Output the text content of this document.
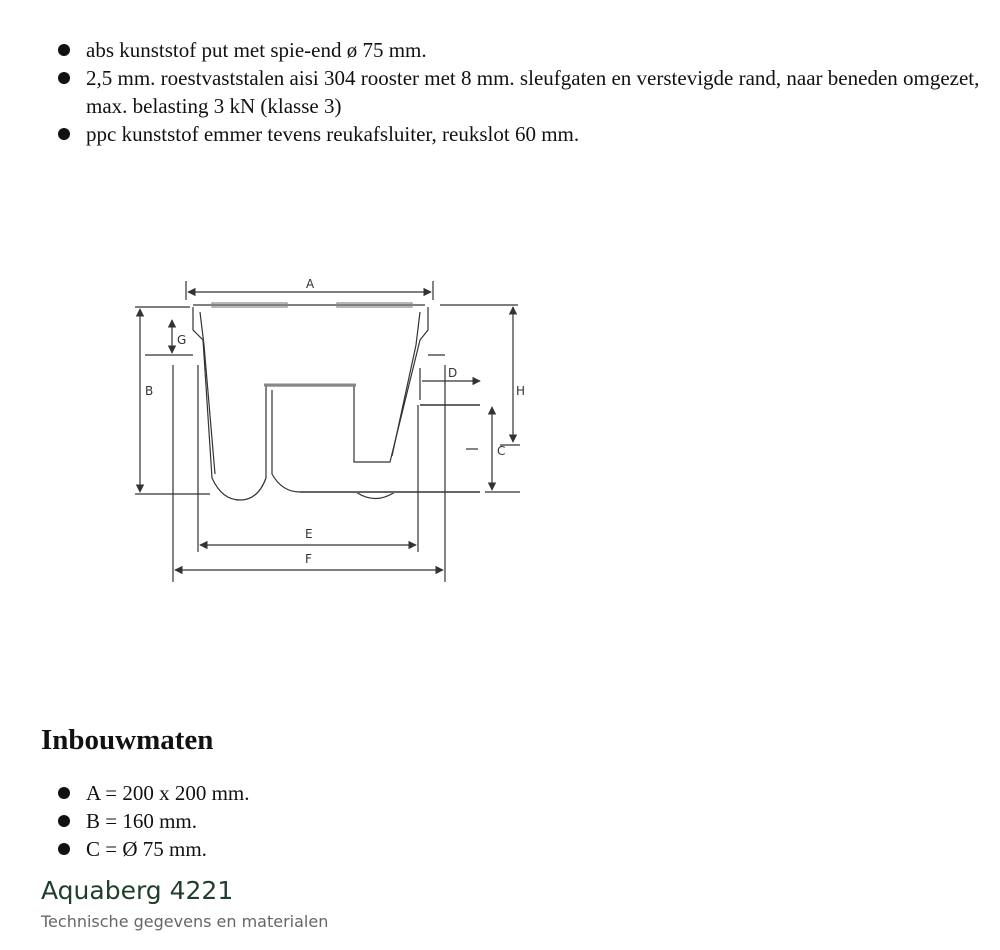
abs kunststof put met spie-end ø 75 mm.
2,5 mm. roestvaststalen aisi 304 rooster met 8 mm. sleufgaten en verstevigde rand, naar beneden omgezet, max. belasting 3 kN (klasse 3)
ppc kunststof emmer tevens reukafsluiter, reukslot 60 mm.
A
B
G
D
H
C
E
F
Inbouwmaten
A = 200 x 200 mm.
B = 160 mm.
C = Ø 75 mm.
Aquaberg 4221
Technische gegevens en materialen
